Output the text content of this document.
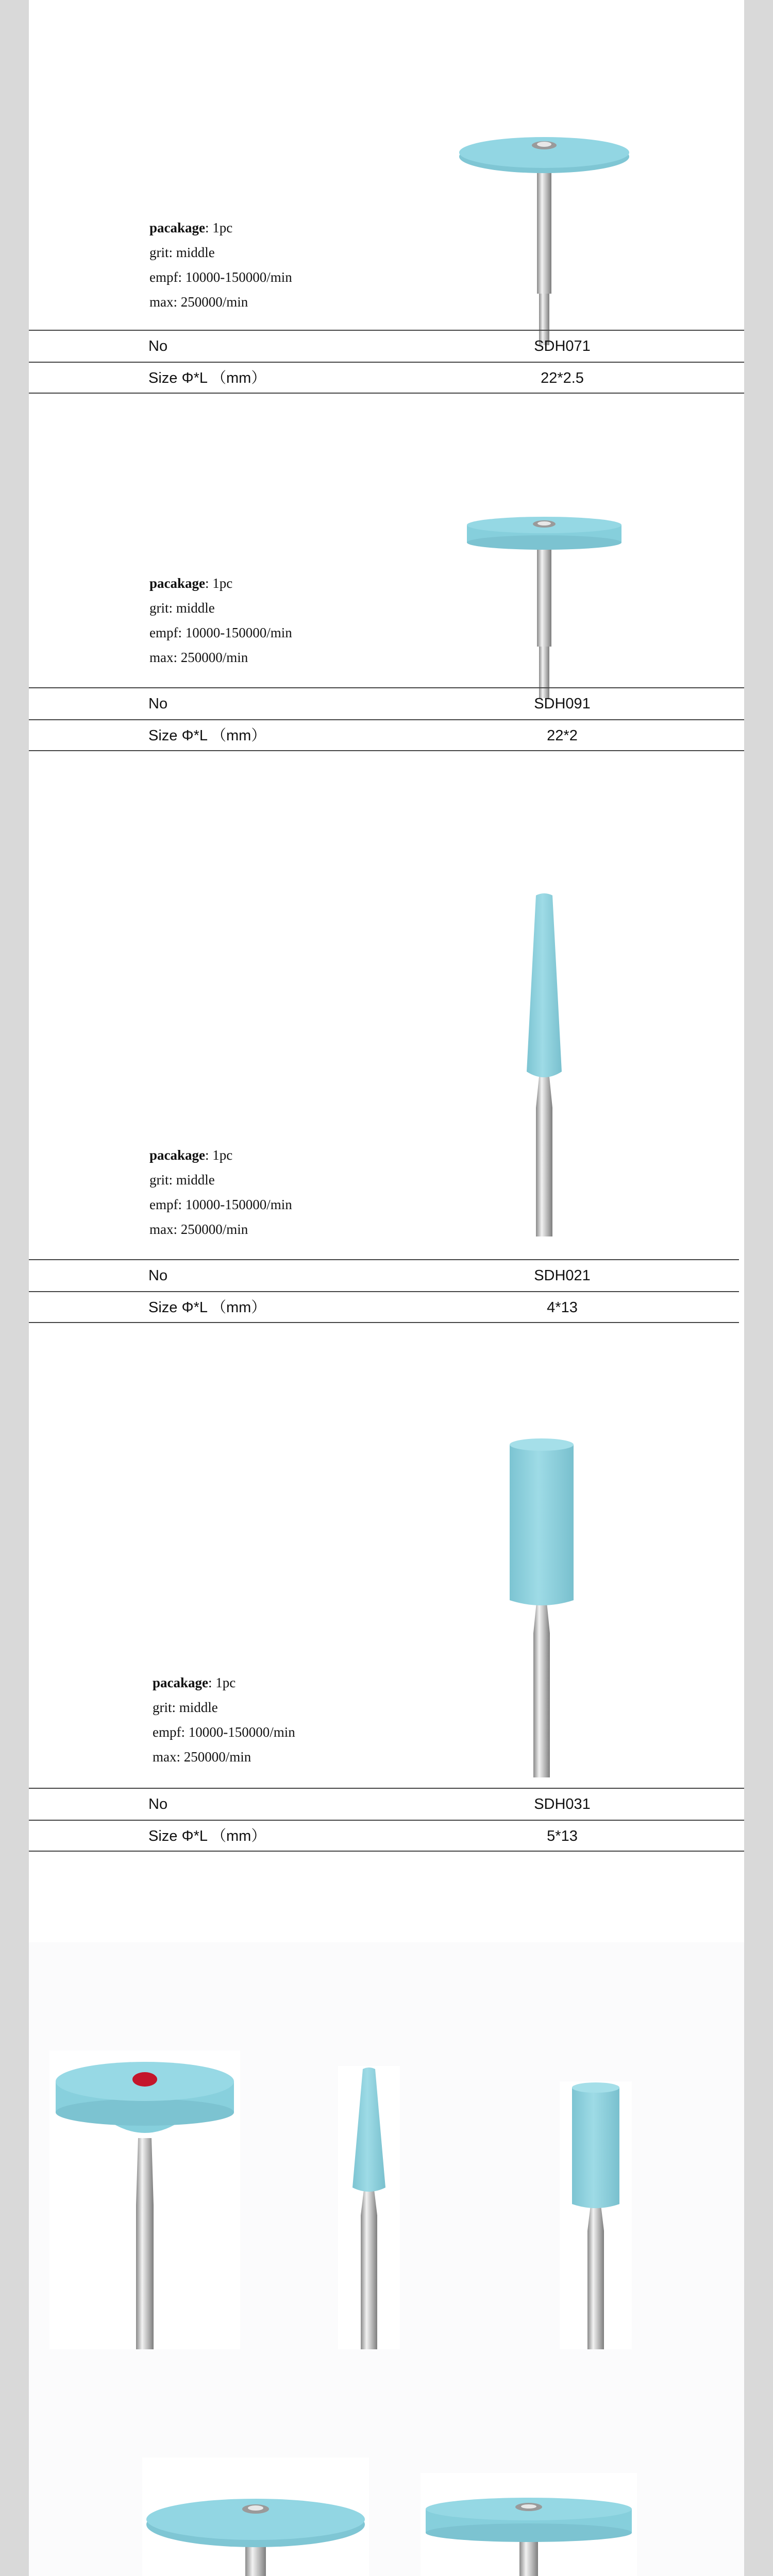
pacakage: 1pc
grit: middle
empf: 10000-150000/min
max: 250000/min
No	SDH071
Size Φ*L （mm）	22*2.5
pacakage: 1pc
grit: middle
empf: 10000-150000/min
max: 250000/min
No	SDH091
Size Φ*L （mm）	22*2
pacakage: 1pc
grit: middle
empf: 10000-150000/min
max: 250000/min
No	SDH021
Size Φ*L （mm）	4*13
pacakage: 1pc
grit: middle
empf: 10000-150000/min
max: 250000/min
No	SDH031
Size Φ*L （mm）	5*13
